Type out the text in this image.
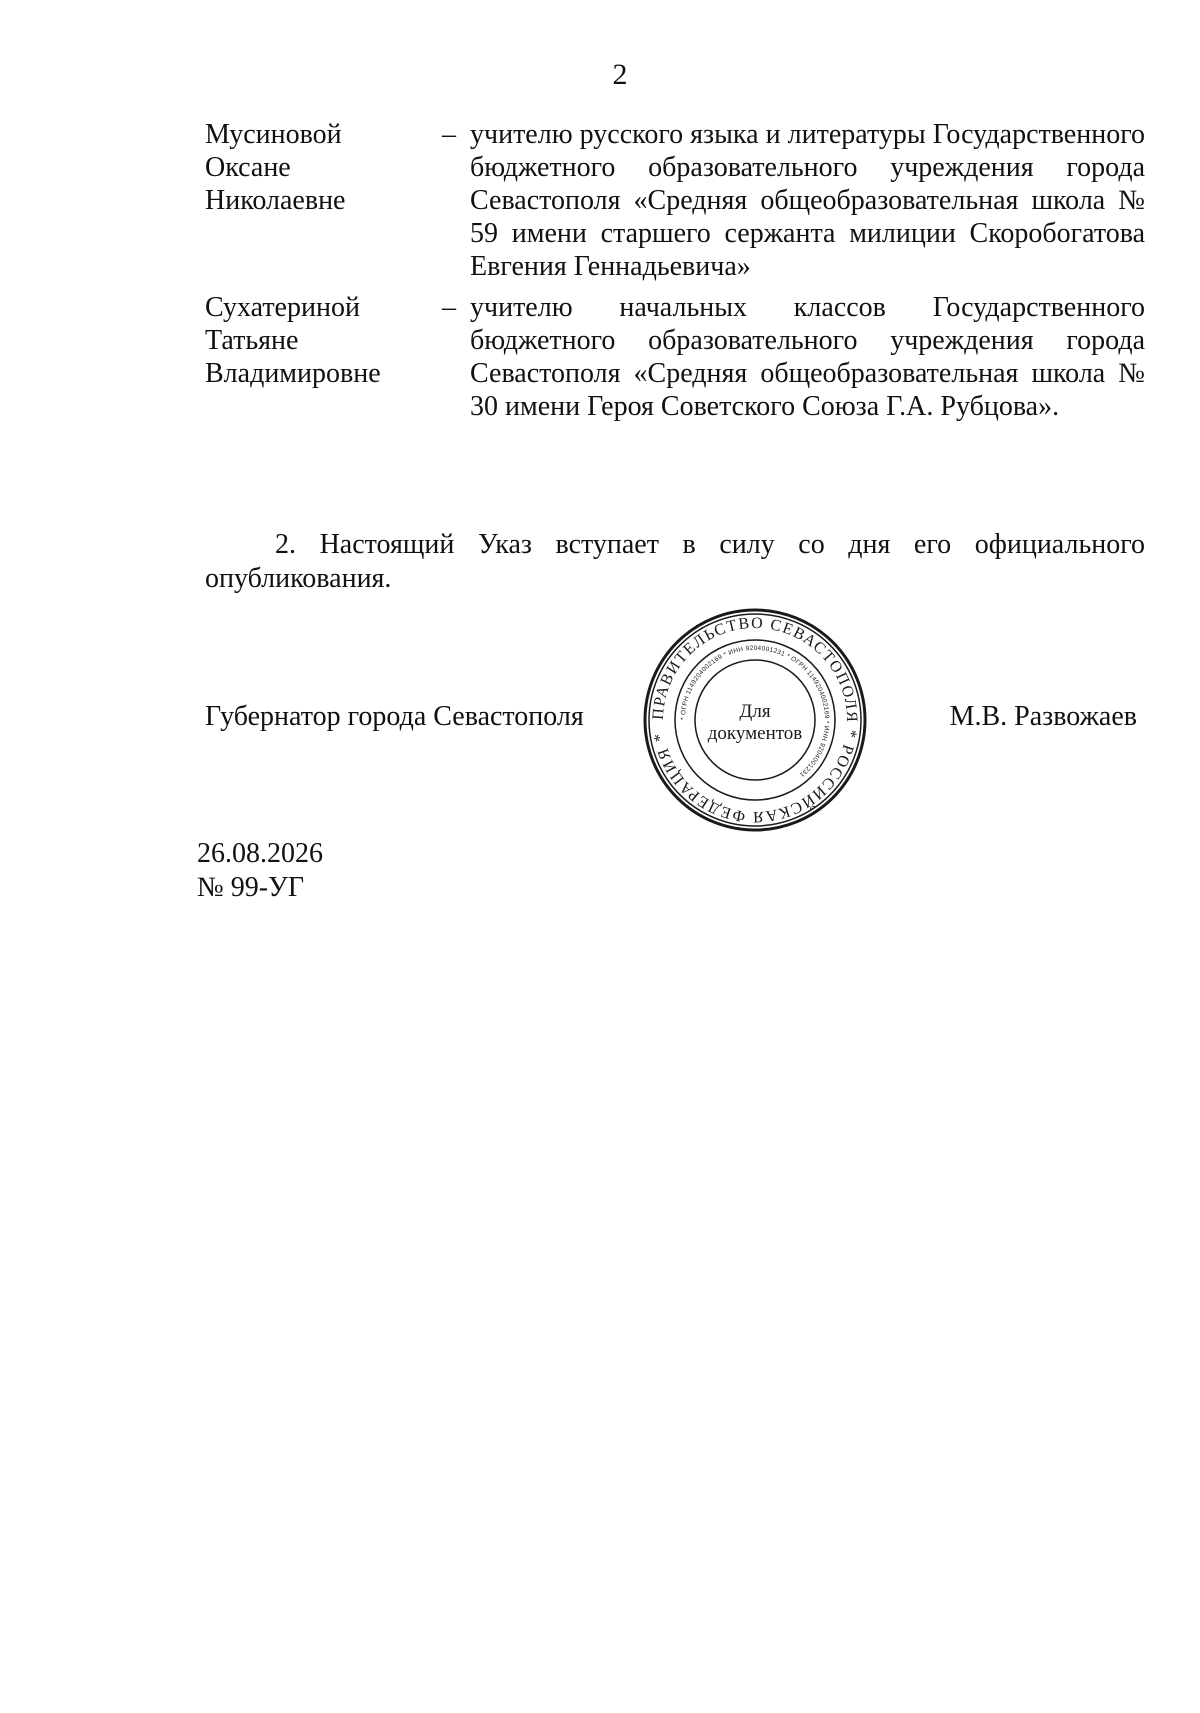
2
Мусиновой
Оксане
Николаевне
– учителю русского языка и литературы Государственного бюджетного образовательного учреждения города Севастополя «Средняя общеобразовательная школа № 59 имени старшего сержанта милиции Скоробогатова Евгения Геннадьевича»
Сухатериной
Татьяне
Владимировне
– учителю начальных классов Государственного бюджетного образовательного учреждения города Севастополя «Средняя общеобразовательная школа № 30 имени Героя Советского Союза Г.А. Рубцова».

2. Настоящий Указ вступает в силу со дня его официального опубликования.

Губернатор города Севастополя	М.В. Развожаев
ПРАВИТЕЛЬСТВО СЕВАСТОПОЛЯ * РОССИЙСКАЯ ФЕДЕРАЦИЯ *
* ОГРН 1149204002169 * ИНН 9204001231 * ОГРН 1149204002169 * ИНН 9204001231
Для
документов
26.08.2026
№ 99-УГ
